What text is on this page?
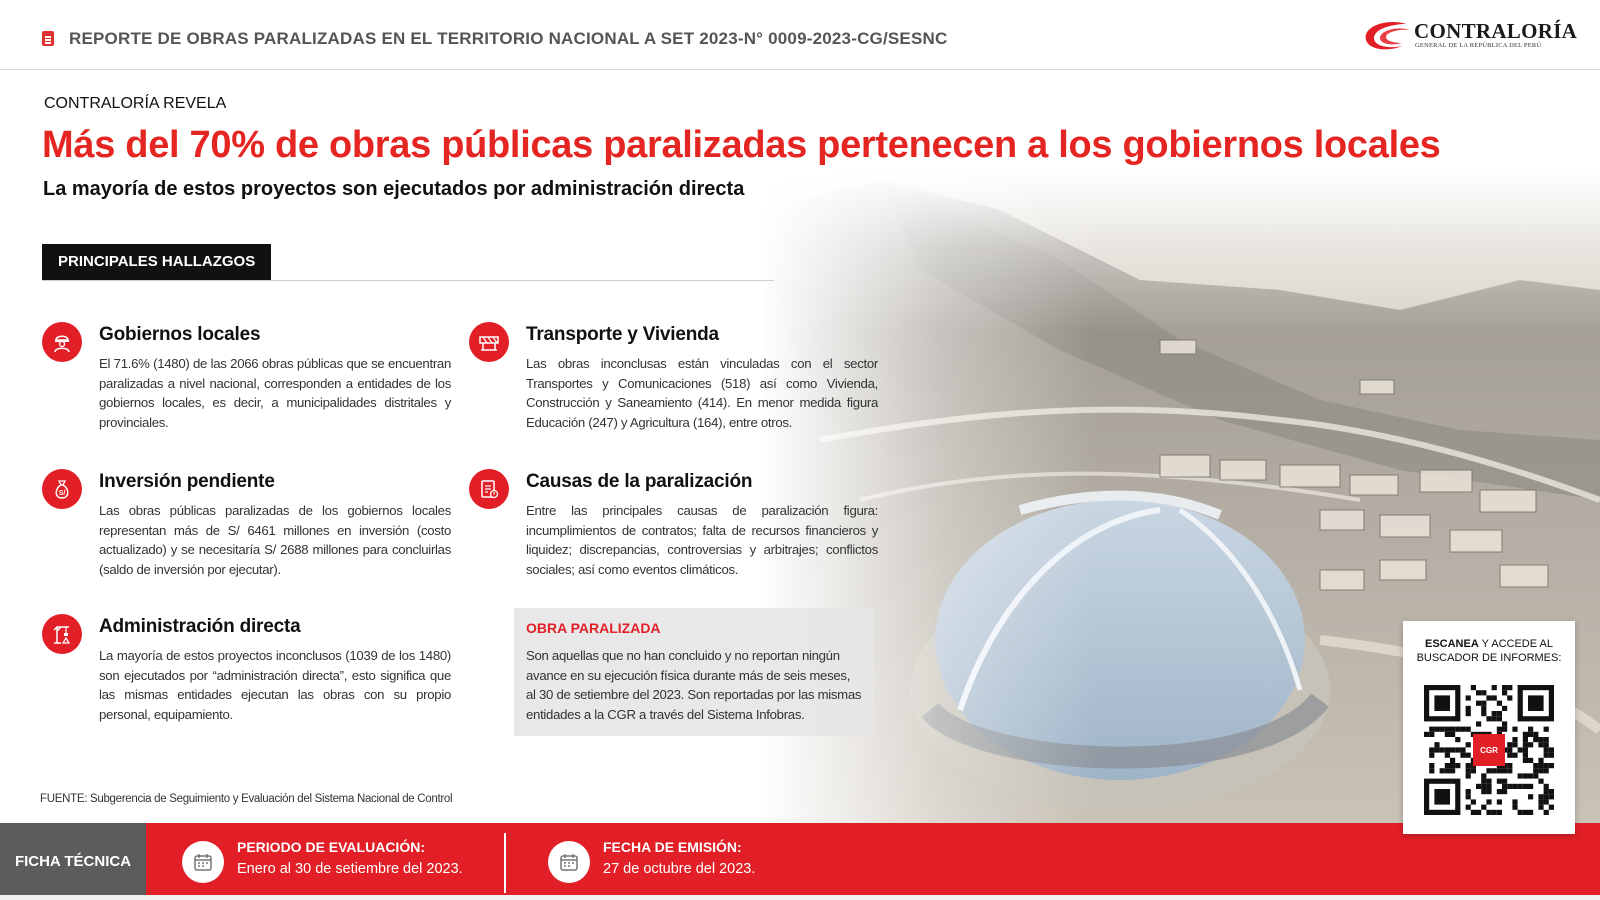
REPORTE DE OBRAS PARALIZADAS EN EL TERRITORIO NACIONAL A SET 2023-N° 0009-2023-CG/SESNC	CONTRALORÍA
GENERAL DE LA REPÚBLICA DEL PERÚ
CONTRALORÍA REVELA
Más del 70% de obras públicas paralizadas pertenecen a los gobiernos locales
La mayoría de estos proyectos son ejecutados por administración directa
PRINCIPALES HALLAZGOS
Gobiernos locales
El 71.6% (1480) de las 2066 obras públicas que se encuentran paralizadas a nivel nacional, corresponden a entidades de los gobiernos locales, es decir, a municipalidades distritales y provinciales.
Transporte y Vivienda
Las obras inconclusas están vinculadas con el sector Transportes y Comunicaciones (518) así como Vivienda, Construcción y Saneamiento (414). En menor medida figura Educación (247) y Agricultura (164), entre otros.
S/
Inversión pendiente
Las obras públicas paralizadas de los gobiernos locales representan más de S/ 6461 millones en inversión (costo actualizado) y se necesitaría S/ 2688 millones para concluirlas (saldo de inversión por ejecutar).
Causas de la paralización
Entre las principales causas de paralización figura: incumplimientos de contratos; falta de recursos financieros y liquidez; discrepancias, controversias y arbitrajes; conflictos sociales; así como eventos climáticos.
Administración directa
La mayoría de estos proyectos inconclusos (1039 de los 1480) son ejecutados por “administración directa”, esto significa que las mismas entidades ejecutan las obras con su propio personal, equipamiento.
OBRA PARALIZADA
Son aquellas que no han concluido y no reportan ningún avance en su ejecución física durante más de seis meses, al 30 de setiembre del 2023. Son reportadas por las mismas entidades a la CGR a través del Sistema Infobras.
FUENTE: Subgerencia de Seguimiento y Evaluación del Sistema Nacional de Control
FICHA TÉCNICA
PERIODO DE EVALUACIÓN:
Enero al 30 de setiembre del 2023.
FECHA DE EMISIÓN:
27 de octubre del 2023.
ESCANEA Y ACCEDE AL
BUSCADOR DE INFORMES:
CGR
